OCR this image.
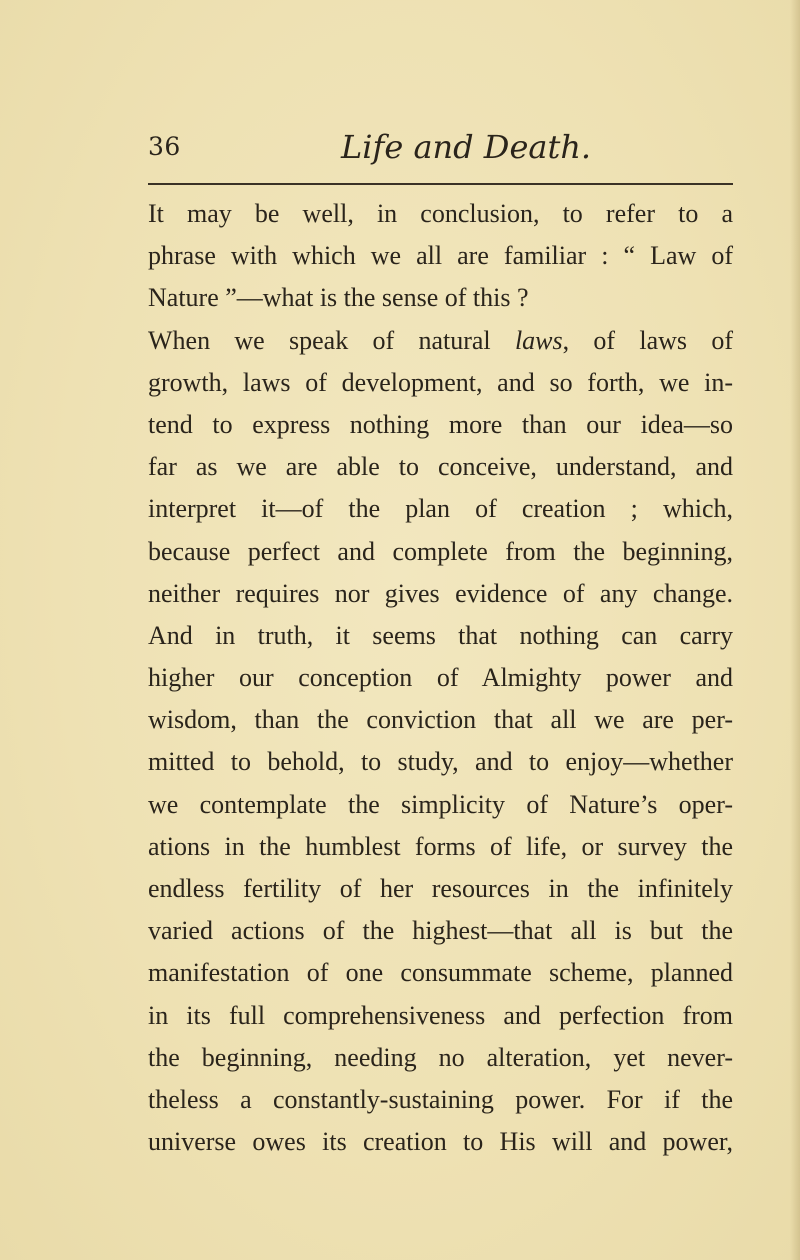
36	Life and Death.
It may be well, in conclusion, to refer to a
phrase with which we all are familiar : “ Law of
Nature ”—what is the sense of this ?
When we speak of natural laws, of laws of
growth, laws of development, and so forth, we in-
tend to express nothing more than our idea—so
far as we are able to conceive, understand, and
interpret it—of the plan of creation ; which,
because perfect and complete from the beginning,
neither requires nor gives evidence of any change.
And in truth, it seems that nothing can carry
higher our conception of Almighty power and
wisdom, than the conviction that all we are per-
mitted to behold, to study, and to enjoy—whether
we contemplate the simplicity of Nature’s oper-
ations in the humblest forms of life, or survey the
endless fertility of her resources in the infinitely
varied actions of the highest—that all is but the
manifestation of one consummate scheme, planned
in its full comprehensiveness and perfection from
the beginning, needing no alteration, yet never-
theless a constantly-sustaining power. For if the
universe owes its creation to His will and power,
